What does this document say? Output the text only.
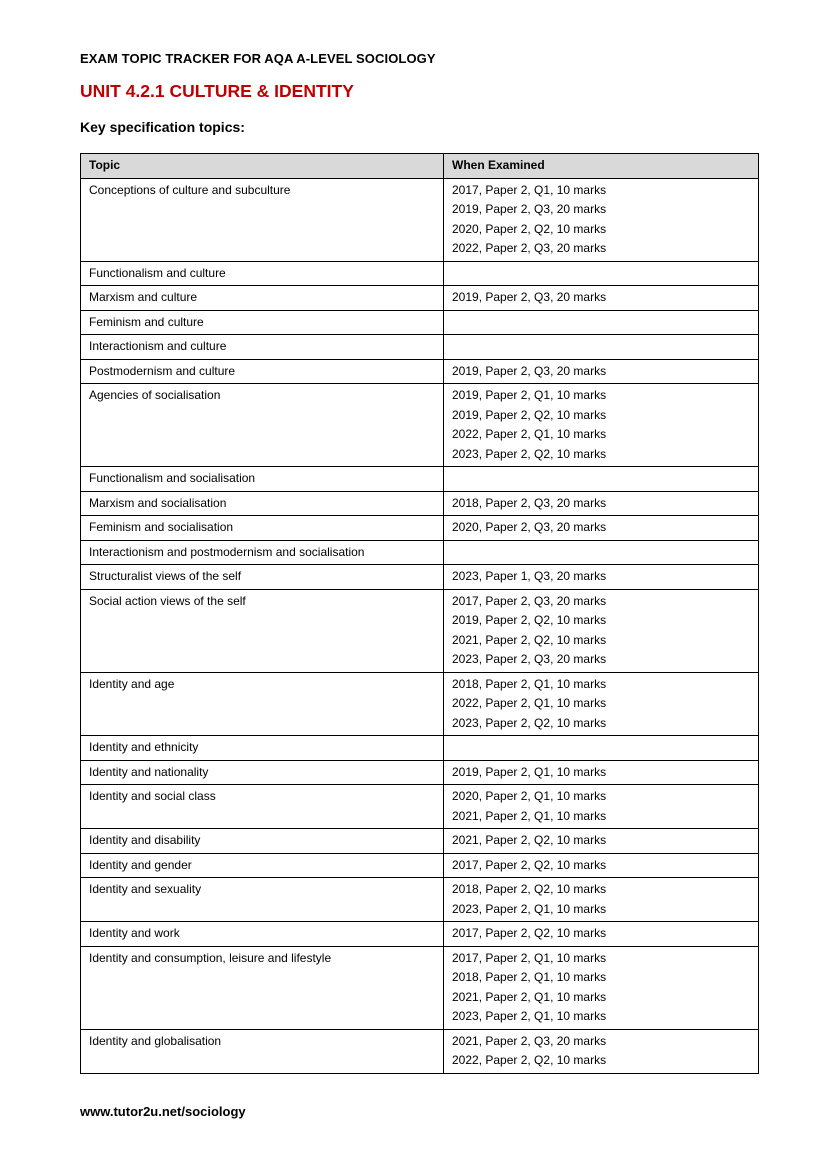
EXAM TOPIC TRACKER FOR AQA A-LEVEL SOCIOLOGY
UNIT 4.2.1 CULTURE & IDENTITY
Key specification topics:
Topic	When Examined
Conceptions of culture and subculture	2017, Paper 2, Q1, 10 marks
2019, Paper 2, Q3, 20 marks
2020, Paper 2, Q2, 10 marks
2022, Paper 2, Q3, 20 marks

Functionalism and culture	
Marxism and culture	2019, Paper 2, Q3, 20 marks

Feminism and culture	
Interactionism and culture	
Postmodernism and culture	2019, Paper 2, Q3, 20 marks

Agencies of socialisation	2019, Paper 2, Q1, 10 marks
2019, Paper 2, Q2, 10 marks
2022, Paper 2, Q1, 10 marks
2023, Paper 2, Q2, 10 marks

Functionalism and socialisation	
Marxism and socialisation	2018, Paper 2, Q3, 20 marks

Feminism and socialisation	2020, Paper 2, Q3, 20 marks

Interactionism and postmodernism and socialisation	
Structuralist views of the self	2023, Paper 1, Q3, 20 marks

Social action views of the self	2017, Paper 2, Q3, 20 marks
2019, Paper 2, Q2, 10 marks
2021, Paper 2, Q2, 10 marks
2023, Paper 2, Q3, 20 marks

Identity and age	2018, Paper 2, Q1, 10 marks
2022, Paper 2, Q1, 10 marks
2023, Paper 2, Q2, 10 marks

Identity and ethnicity	
Identity and nationality	2019, Paper 2, Q1, 10 marks

Identity and social class	2020, Paper 2, Q1, 10 marks
2021, Paper 2, Q1, 10 marks

Identity and disability	2021, Paper 2, Q2, 10 marks

Identity and gender	2017, Paper 2, Q2, 10 marks

Identity and sexuality	2018, Paper 2, Q2, 10 marks
2023, Paper 2, Q1, 10 marks

Identity and work	2017, Paper 2, Q2, 10 marks

Identity and consumption, leisure and lifestyle	2017, Paper 2, Q1, 10 marks
2018, Paper 2, Q1, 10 marks
2021, Paper 2, Q1, 10 marks
2023, Paper 2, Q1, 10 marks

Identity and globalisation	2021, Paper 2, Q3, 20 marks
2022, Paper 2, Q2, 10 marks
www.tutor2u.net/sociology
